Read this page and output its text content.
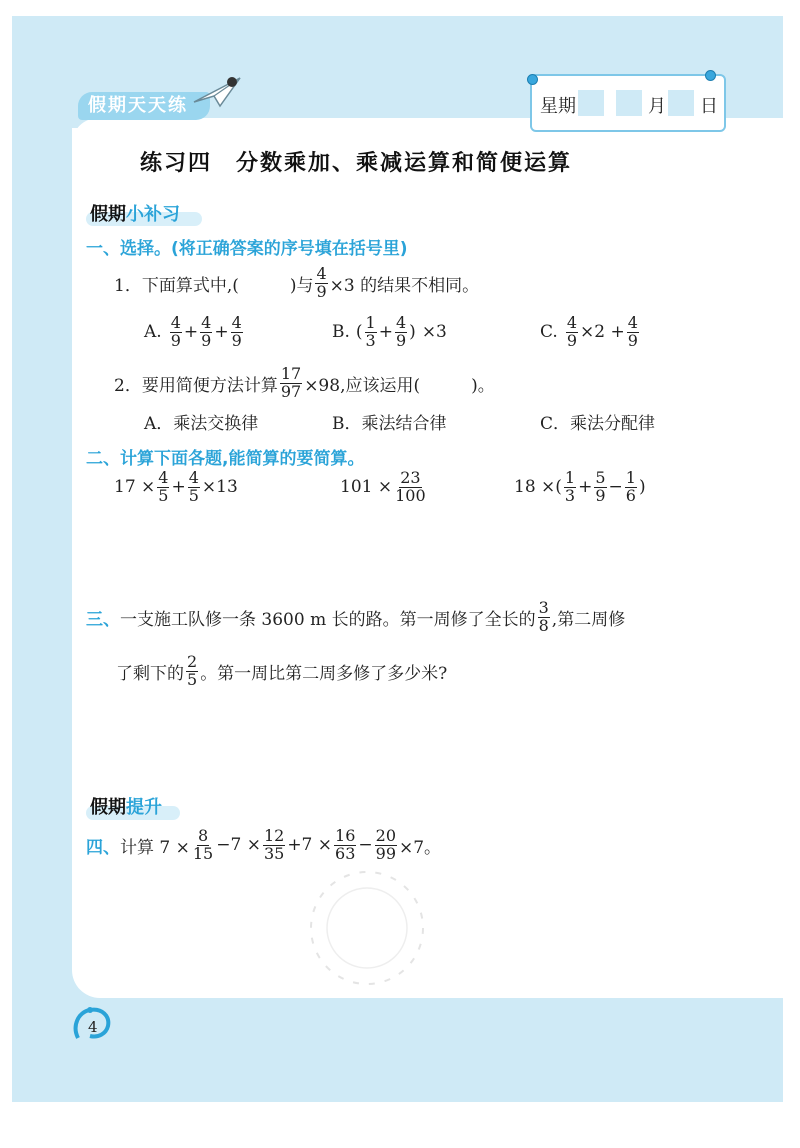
假期天天练	星期	月 日
练习四　分数乘加、乘减运算和简便运算
假期小补习
一、选择。(将正确答案的序号填在括号里)
1．下面算式中,(　　　)与 $\frac{4}{9} \times 3$ 的结果不相同。
A. $\frac{4}{9} + \frac{4}{9} + \frac{4}{9}$	B. ( $\frac{1}{3} + \frac{4}{9}$ ) ×3	C. $\frac{4}{9} \times 2 + \frac{4}{9}$
2．要用简便方法计算 $\frac{17}{97} \times 98$,应该运用(　　　)。
A．乘法交换律	B．乘法结合律	C．乘法分配律
二、计算下面各题,能简算的要简算。
$17 \times \frac{4}{5} + \frac{4}{5} \times 13$	$101 \times \frac{23}{100}$	18 ×( $\frac{1}{3} + \frac{5}{9} - \frac{1}{6}$ )
三、 一支施工队修一条 3600 m 长的路。第一周修了全长的 $\frac{3}{8}$ ,第二周修
了剩下的 $\frac{2}{5}$ 。第一周比第二周多修了多少米?
假期提升
四、 计算 $7 \times \frac{8}{15} -7 \times \frac{12}{35} +7 \times \frac{16}{63} - \frac{20}{99} \times 7$。
4
